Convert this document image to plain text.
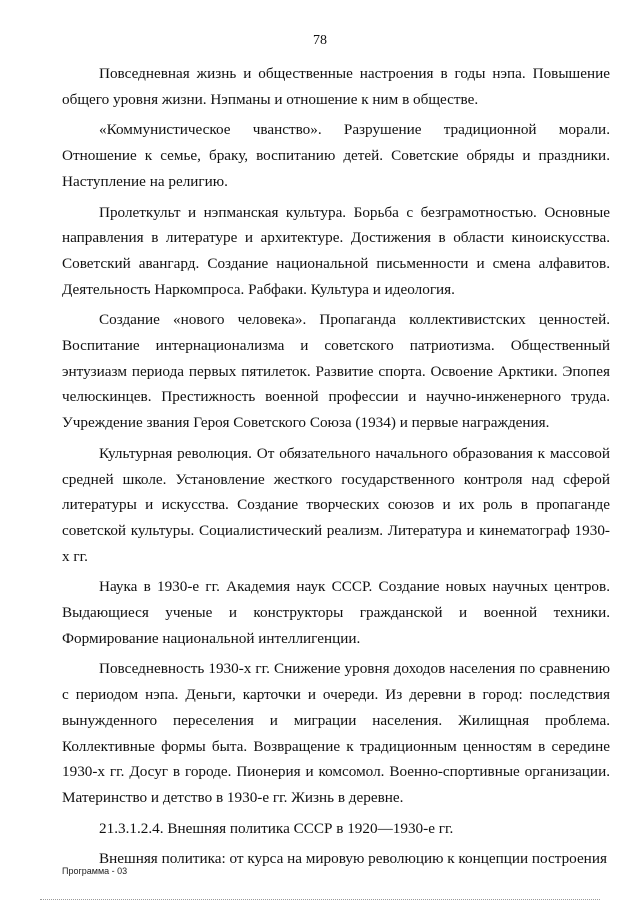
78

Повседневная жизнь и общественные настроения в годы нэпа. Повышение общего уровня жизни. Нэпманы и отношение к ним в обществе.

«Коммунистическое чванство». Разрушение традиционной морали. Отношение к семье, браку, воспитанию детей. Советские обряды и праздники. Наступление на религию.

Пролеткульт и нэпманская культура. Борьба с безграмотностью. Основные направления в литературе и архитектуре. Достижения в области киноискусства. Советский авангард. Создание национальной письменности и смена алфавитов. Деятельность Наркомпроса. Рабфаки. Культура и идеология.

Создание «нового человека». Пропаганда коллективистских ценностей. Воспитание интернационализма и советского патриотизма. Общественный энтузиазм периода первых пятилеток. Развитие спорта. Освоение Арктики. Эпопея челюскинцев. Престижность военной профессии и научно-инженерного труда. Учреждение звания Героя Советского Союза (1934) и первые награждения.

Культурная революция. От обязательного начального образования к массовой средней школе. Установление жесткого государственного контроля над сферой литературы и искусства. Создание творческих союзов и их роль в пропаганде советской культуры. Социалистический реализм. Литература и кинематограф 1930-х гг.

Наука в 1930-е гг. Академия наук СССР. Создание новых научных центров. Выдающиеся ученые и конструкторы гражданской и военной техники. Формирование национальной интеллигенции.

Повседневность 1930-х гг. Снижение уровня доходов населения по сравнению с периодом нэпа. Деньги, карточки и очереди. Из деревни в город: последствия вынужденного переселения и миграции населения. Жилищная проблема. Коллективные формы быта. Возвращение к традиционным ценностям в середине 1930-х гг. Досуг в городе. Пионерия и комсомол. Военно-спортивные организации. Материнство и детство в 1930-е гг. Жизнь в деревне.

21.3.1.2.4. Внешняя политика СССР в 1920—1930-е гг.

Внешняя политика: от курса на мировую революцию к концепции построения

Программа - 03
